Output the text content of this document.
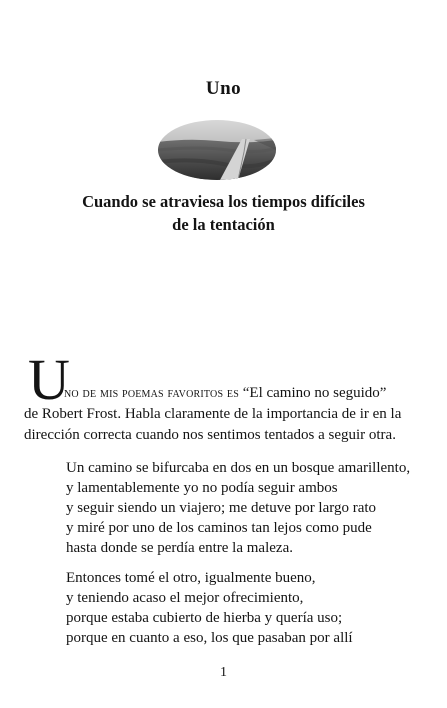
Uno
Cuando se atraviesa los tiempos difíciles
de la tentación
U

no de mis poemas favoritos es “El camino no seguido”
de Robert Frost. Habla claramente de la importancia de ir en la
dirección correcta cuando nos sentimos tentados a seguir otra.

Un camino se bifurcaba en dos en un bosque amarillento,
y lamentablemente yo no podía seguir ambos
y seguir siendo un viajero; me detuve por largo rato
y miré por uno de los caminos tan lejos como pude
hasta donde se perdía entre la maleza.
Entonces tomé el otro, igualmente bueno,
y teniendo acaso el mejor ofrecimiento,
porque estaba cubierto de hierba y quería uso;
porque en cuanto a eso, los que pasaban por allí
1
